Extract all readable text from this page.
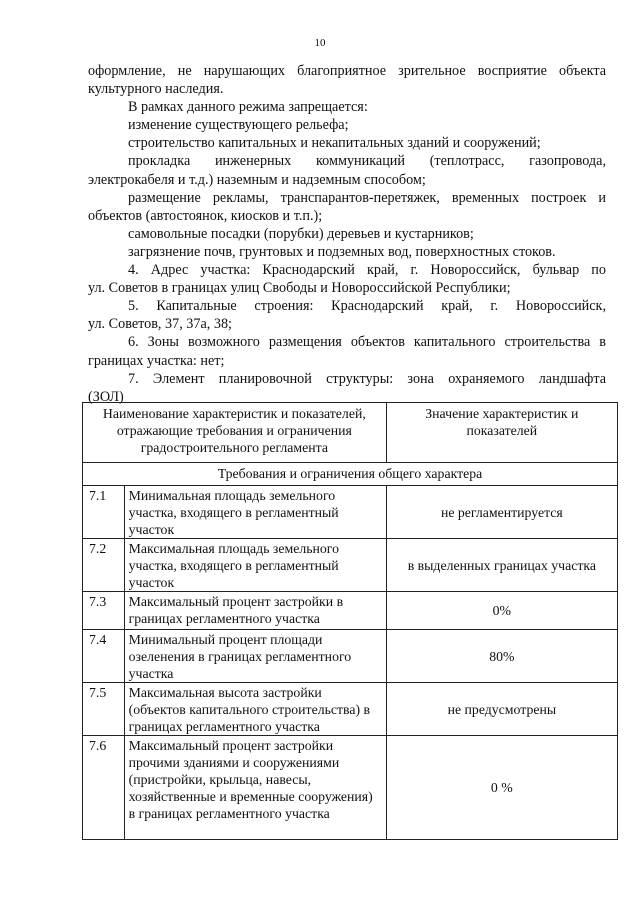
10

оформление, не нарушающих благоприятное зрительное восприятие объекта

культурного наследия.

В рамках данного режима запрещается:

изменение существующего рельефа;

строительство капитальных и некапитальных зданий и сооружений;

прокладка инженерных коммуникаций (теплотрасс, газопровода,

электрокабеля и т.д.) наземным и надземным способом;

размещение рекламы, транспарантов-перетяжек, временных построек и

объектов (автостоянок, киосков и т.п.);

самовольные посадки (порубки) деревьев и кустарников;

загрязнение почв, грунтовых и подземных вод, поверхностных стоков.

4. Адрес участка: Краснодарский край, г. Новороссийск, бульвар по

ул. Советов в границах улиц Свободы и Новороссийской Республики;

5. Капитальные строения: Краснодарский край, г. Новороссийск,

ул. Советов, 37, 37а, 38;

6. Зоны возможного размещения объектов капитального строительства в

границах участка: нет;

7. Элемент планировочной структуры: зона охраняемого ландшафта

(ЗОЛ)

Наименование характеристик и показателей, отражающие требования и ограничения градостроительного регламента		Значение характеристик и показателей
Требования и ограничения общего характера		
7.1	Минимальная площадь земельного участка, входящего в регламентный участок	не регламентируется
7.2	Максимальная площадь земельного участка, входящего в регламентный участок	в выделенных границах участка
7.3	Максимальный процент застройки в границах регламентного участка	0%
7.4	Минимальный процент площади озеленения в границах регламентного участка	80%
7.5	Максимальная высота застройки (объектов капитального строительства) в границах регламентного участка	не предусмотрены
7.6	Максимальный процент застройки прочими зданиями и сооружениями (пристройки, крыльца, навесы, хозяйственные и временные сооружения) в границах регламентного участка	0 %
